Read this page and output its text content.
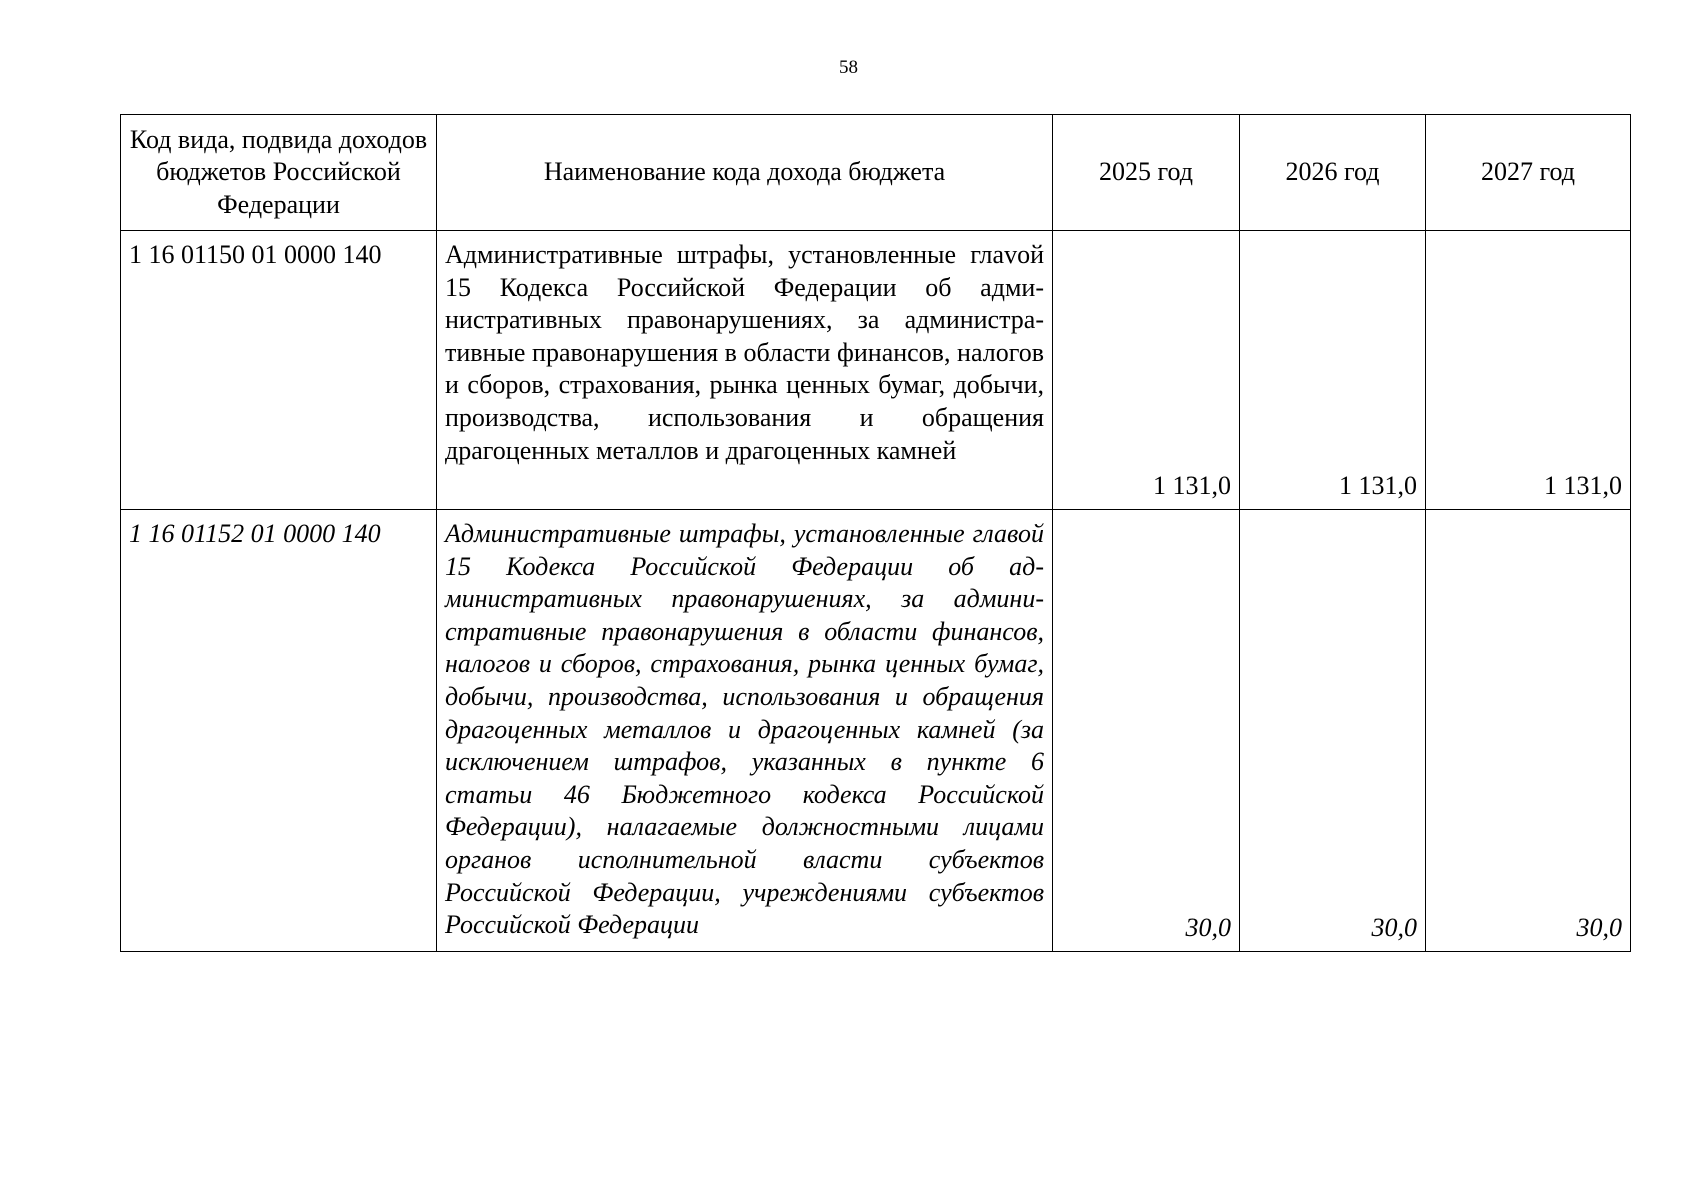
58
Код вида, подвида доходов бюджетов Российской Федерации	Наименование кода дохода бюджета	2025 год	2026 год	2027 год
1 16 01150 01 0000 140	Административные штрафы, установленные глаvой 15 Кодекса Российской Федерации об административных правонарушениях, за административные правонарушения в области финансов, налогов и сборов, страхования, рынка ценных бумаг, добычи, производства, использования и обращения драгоценных металлов и драгоценных камней	1 131,0	1 131,0	1 131,0
1 16 01152 01 0000 140	Административные штрафы, установленные главой 15 Кодекса Российской Федерации об административных правонарушениях, за административные правонарушения в области финансов, налогов и сборов, страхования, рынка ценных бумаг, добычи, производства, использования и обращения драгоценных металлов и драгоценных камней (за исключением штрафов, указанных в пункте 6 статьи 46 Бюджетного кодекса Российской Федерации), налагаемые должностными лицами органов исполнительной власти субъектов Российской Федерации, учреждениями субъектов Российской Федерации	30,0	30,0	30,0
